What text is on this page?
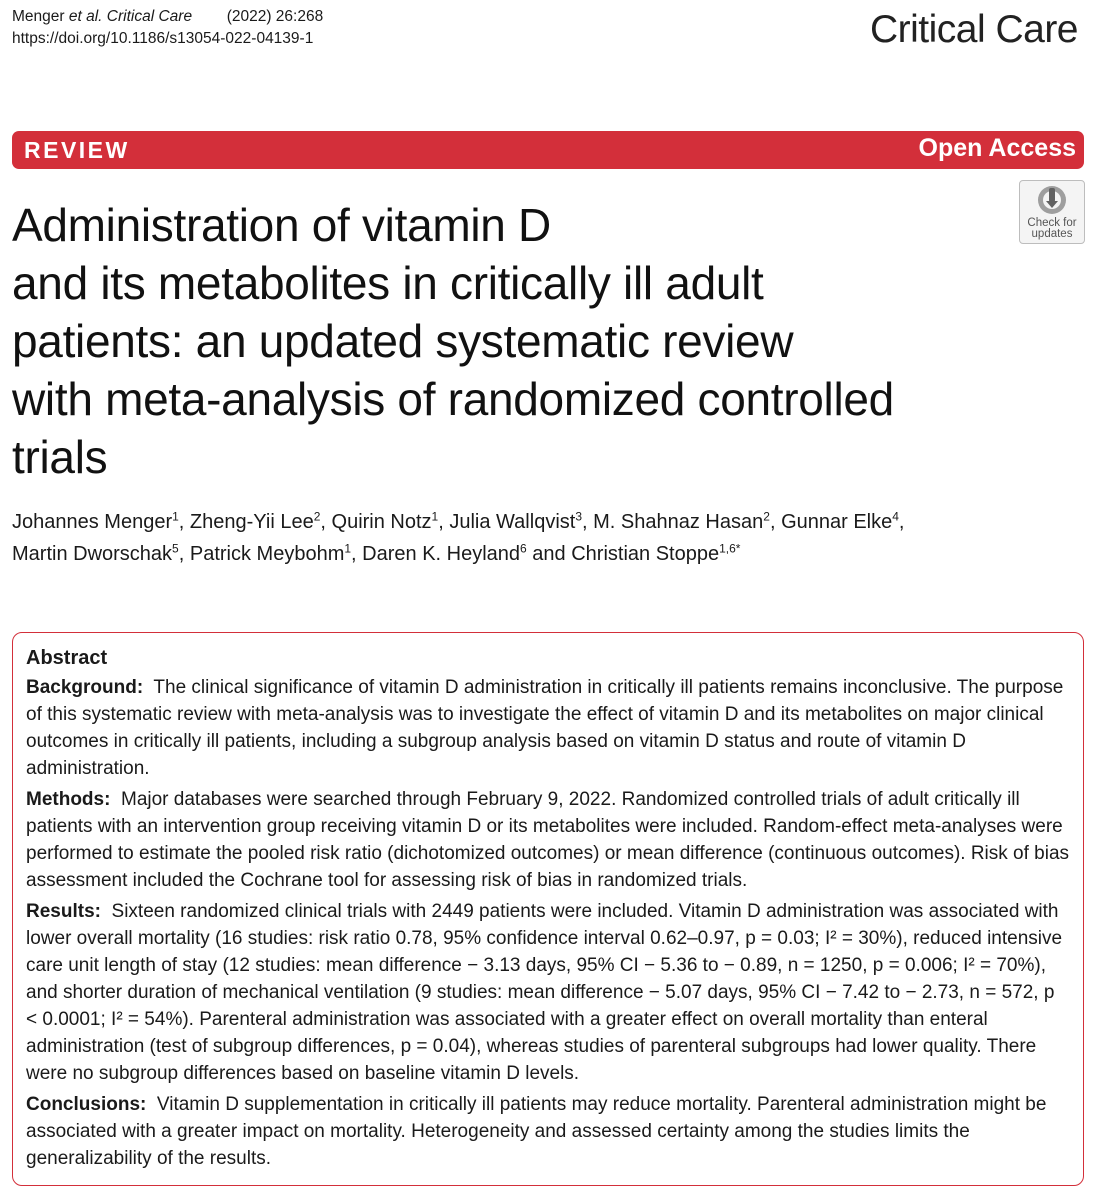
Menger et al. Critical Care (2022) 26:268
https://doi.org/10.1186/s13054-022-04139-1	Critical Care
REVIEW	Open Access
Check for
updates
Administration of vitamin D
and its metabolites in critically ill adult
patients: an updated systematic review
with meta-analysis of randomized controlled
trials
Johannes Menger$^1$, Zheng-Yii Lee$^2$, Quirin Notz$^1$, Julia Wallqvist$^3$, M. Shahnaz Hasan$^2$, Gunnar Elke$^4$,
Martin Dworschak$^5$, Patrick Meybohm$^1$, Daren K. Heyland$^6$ and Christian Stoppe$^{1,6*}$
Abstract

Background: The clinical significance of vitamin D administration in critically ill patients remains inconclusive. The purpose of this systematic review with meta-analysis was to investigate the effect of vitamin D and its metabolites on major clinical outcomes in critically ill patients, including a subgroup analysis based on vitamin D status and route of vitamin D administration.

Methods: Major databases were searched through February 9, 2022. Randomized controlled trials of adult critically ill patients with an intervention group receiving vitamin D or its metabolites were included. Random-effect meta-analyses were performed to estimate the pooled risk ratio (dichotomized outcomes) or mean difference (continuous outcomes). Risk of bias assessment included the Cochrane tool for assessing risk of bias in randomized trials.

Results: Sixteen randomized clinical trials with 2449 patients were included. Vitamin D administration was associated with lower overall mortality (16 studies: risk ratio 0.78, 95% confidence interval 0.62–0.97, p = 0.03; I² = 30%), reduced intensive care unit length of stay (12 studies: mean difference − 3.13 days, 95% CI − 5.36 to − 0.89, n = 1250, p = 0.006; I² = 70%), and shorter duration of mechanical ventilation (9 studies: mean difference − 5.07 days, 95% CI − 7.42 to − 2.73, n = 572, p < 0.0001; I² = 54%). Parenteral administration was associated with a greater effect on overall mortality than enteral administration (test of subgroup differences, p = 0.04), whereas studies of parenteral subgroups had lower quality. There were no subgroup differences based on baseline vitamin D levels.

Conclusions: Vitamin D supplementation in critically ill patients may reduce mortality. Parenteral administration might be associated with a greater impact on mortality. Heterogeneity and assessed certainty among the studies limits the generalizability of the results.
